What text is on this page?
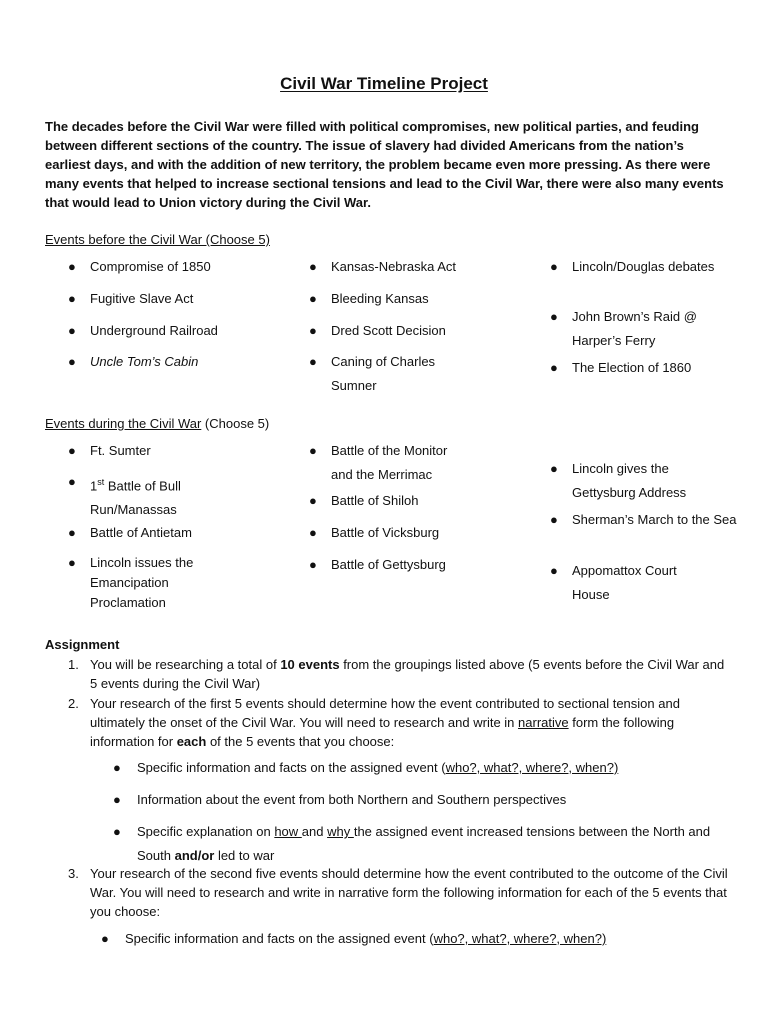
Civil War Timeline Project

The decades before the Civil War were filled with political compromises, new political parties, and feuding between different sections of the country. The issue of slavery had divided Americans from the nation’s earliest days, and with the addition of new territory, the problem became even more pressing. As there were many events that helped to increase sectional tensions and lead to the Civil War, there were also many events that would lead to Union victory during the Civil War.

Events before the Civil War (Choose 5)

● Compromise of 1850
● Fugitive Slave Act
● Underground Railroad
● Uncle Tom’s Cabin
● Kansas-Nebraska Act
● Bleeding Kansas
● Dred Scott Decision
● Caning of Charles Sumner
● Lincoln/Douglas debates
● John Brown’s Raid @ Harper’s Ferry
● The Election of 1860

Events during the Civil War (Choose 5)

● Ft. Sumter
● 1st Battle of Bull Run/Manassas
● Battle of Antietam
● Lincoln issues the Emancipation Proclamation
● Battle of the Monitor and the Merrimac
● Battle of Shiloh
● Battle of Vicksburg
● Battle of Gettysburg
● Lincoln gives the Gettysburg Address
● Sherman’s March to the Sea
● Appomattox Court House

Assignment

1. You will be researching a total of 10 events from the groupings listed above (5 events before the Civil War and 5 events during the Civil War)
2. Your research of the first 5 events should determine how the event contributed to sectional tension and ultimately the onset of the Civil War. You will need to research and write in narrative form the following information for each of the 5 events that you choose:
● Specific information and facts on the assigned event (who?, what?, where?, when?)
● Information about the event from both Northern and Southern perspectives
● Specific explanation on how and why the assigned event increased tensions between the North and South and/or led to war
3. Your research of the second five events should determine how the event contributed to the outcome of the Civil War. You will need to research and write in narrative form the following information for each of the 5 events that you choose:
● Specific information and facts on the assigned event (who?, what?, where?, when?)
